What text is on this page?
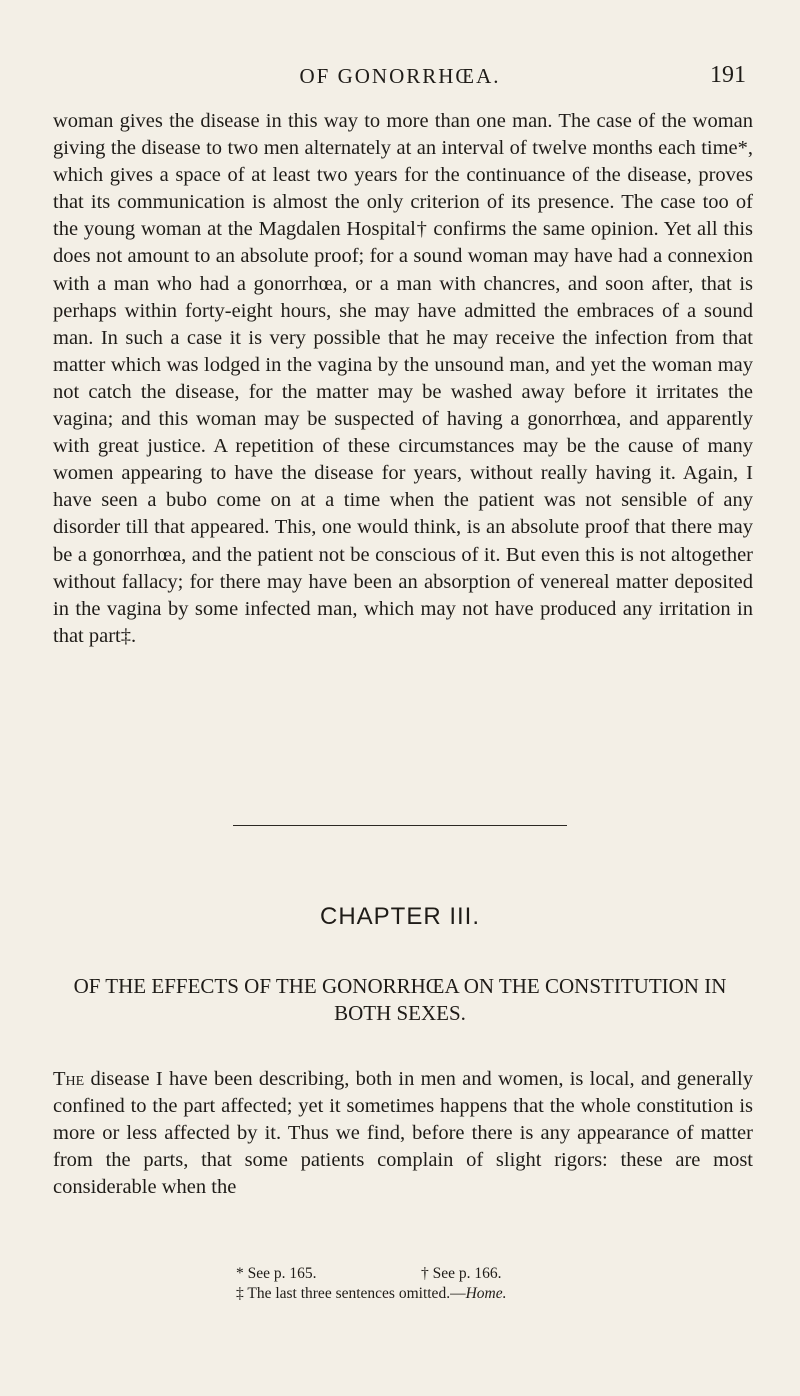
OF GONORRHŒA.	191

woman gives the disease in this way to more than one man. The case of the woman giving the disease to two men alternately at an interval of twelve months each time*, which gives a space of at least two years for the continuance of the disease, proves that its communication is almost the only criterion of its presence. The case too of the young woman at the Magdalen Hospital† confirms the same opinion. Yet all this does not amount to an absolute proof; for a sound woman may have had a connexion with a man who had a gonorrhœa, or a man with chancres, and soon after, that is perhaps within forty-eight hours, she may have admitted the embraces of a sound man. In such a case it is very possible that he may receive the infection from that matter which was lodged in the vagina by the unsound man, and yet the woman may not catch the disease, for the matter may be washed away before it irritates the vagina; and this woman may be suspected of having a gonorrhœa, and apparently with great justice. A repetition of these circumstances may be the cause of many women appearing to have the disease for years, without really having it. Again, I have seen a bubo come on at a time when the patient was not sensible of any disorder till that appeared. This, one would think, is an absolute proof that there may be a gonorrhœa, and the patient not be conscious of it. But even this is not altogether without fallacy; for there may have been an absorption of venereal matter deposited in the vagina by some infected man, which may not have produced any irritation in that part‡.

CHAPTER III.
OF THE EFFECTS OF THE GONORRHŒA ON THE CONSTITUTION IN BOTH SEXES.

The disease I have been describing, both in men and women, is local, and generally confined to the part affected; yet it sometimes happens that the whole constitution is more or less affected by it. Thus we find, before there is any appearance of matter from the parts, that some patients complain of slight rigors: these are most considerable when the

* See p. 165.	† See p. 166.
‡ The last three sentences omitted.—Home.
